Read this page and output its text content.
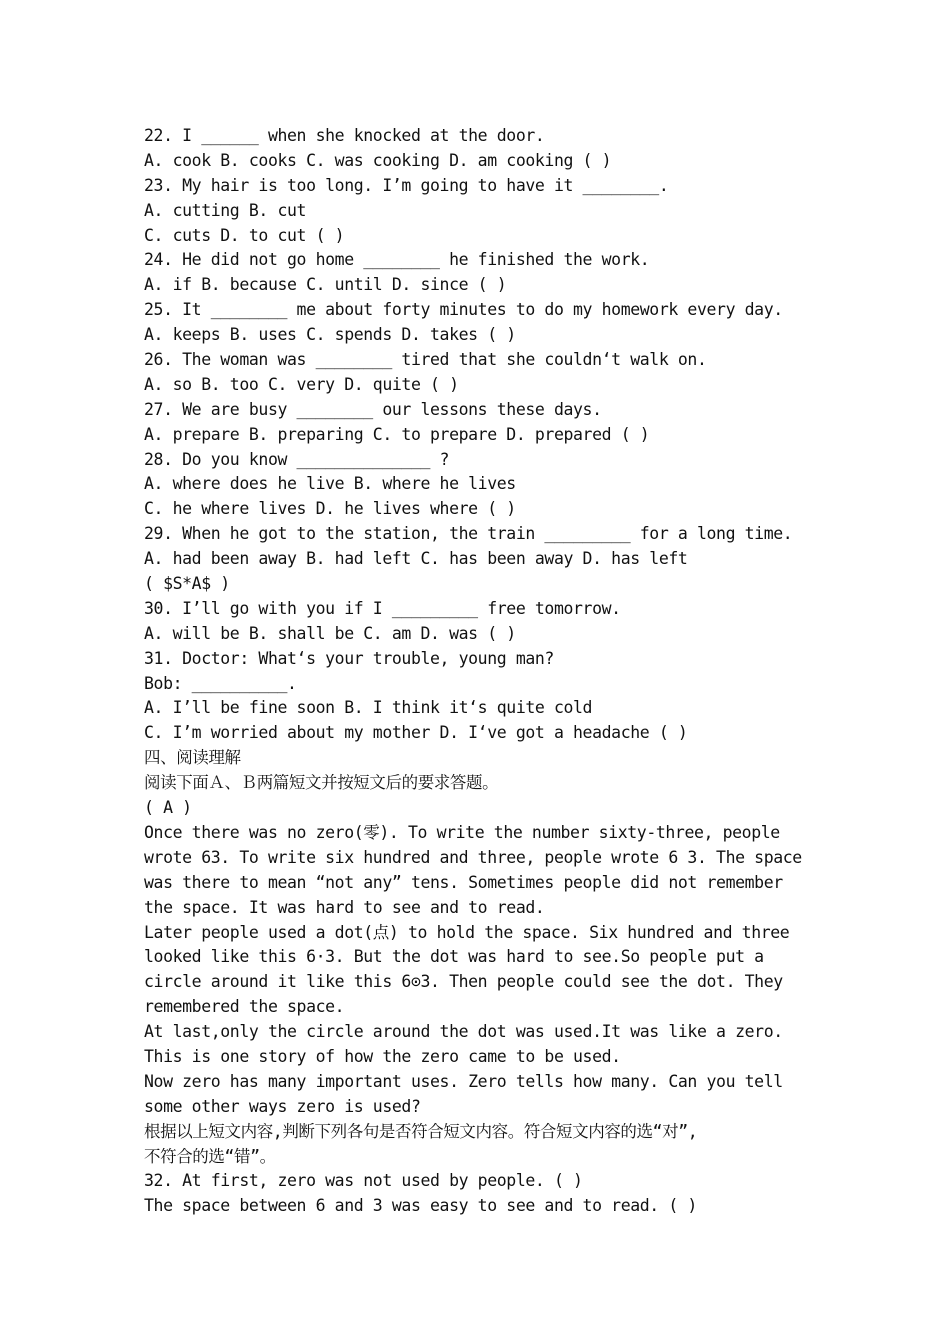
22. I ______ when she knocked at the door.
A. cook B. cooks C. was cooking D. am cooking ( )
23. My hair is too long. I’m going to have it ________.
A. cutting B. cut
C. cuts D. to cut ( )
24. He did not go home ________ he finished the work.
A. if B. because C. until D. since ( )
25. It ________ me about forty minutes to do my homework every day.
A. keeps B. uses C. spends D. takes ( )
26. The woman was ________ tired that she couldn‘t walk on.
A. so B. too C. very D. quite ( )
27. We are busy ________ our lessons these days.
A. prepare B. preparing C. to prepare D. prepared ( )
28. Do you know ______________ ?
A. where does he live B. where he lives
C. he where lives D. he lives where ( )
29. When he got to the station, the train _________ for a long time.
A. had been away B. had left C. has been away D. has left
( $S*A$ )
30. I’ll go with you if I _________ free tomorrow.
A. will be B. shall be C. am D. was ( )
31. Doctor: What‘s your trouble, young man?
Bob: __________.
A. I’ll be fine soon B. I think it‘s quite cold
C. I’m worried about my mother D. I‘ve got a headache ( )
四、阅读理解
阅读下面Ａ、Ｂ两篇短文并按短文后的要求答题。
( A )
Once there was no zero(零). To write the number sixty-three, people
wrote 63. To write six hundred and three, people wrote 6 3. The space
was there to mean “not any” tens. Sometimes people did not remember
the space. It was hard to see and to read.
Later people used a dot(点) to hold the space. Six hundred and three
looked like this 6·3. But the dot was hard to see.So people put a
circle around it like this 6⊙3. Then people could see the dot. They
remembered the space.
At last,only the circle around the dot was used.It was like a zero.
This is one story of how the zero came to be used.
Now zero has many important uses. Zero tells how many. Can you tell
some other ways zero is used?
根据以上短文内容,判断下列各句是否符合短文内容。符合短文内容的选“对”,
不符合的选“错”。
32. At first, zero was not used by people. ( )
The space between 6 and 3 was easy to see and to read. ( )
